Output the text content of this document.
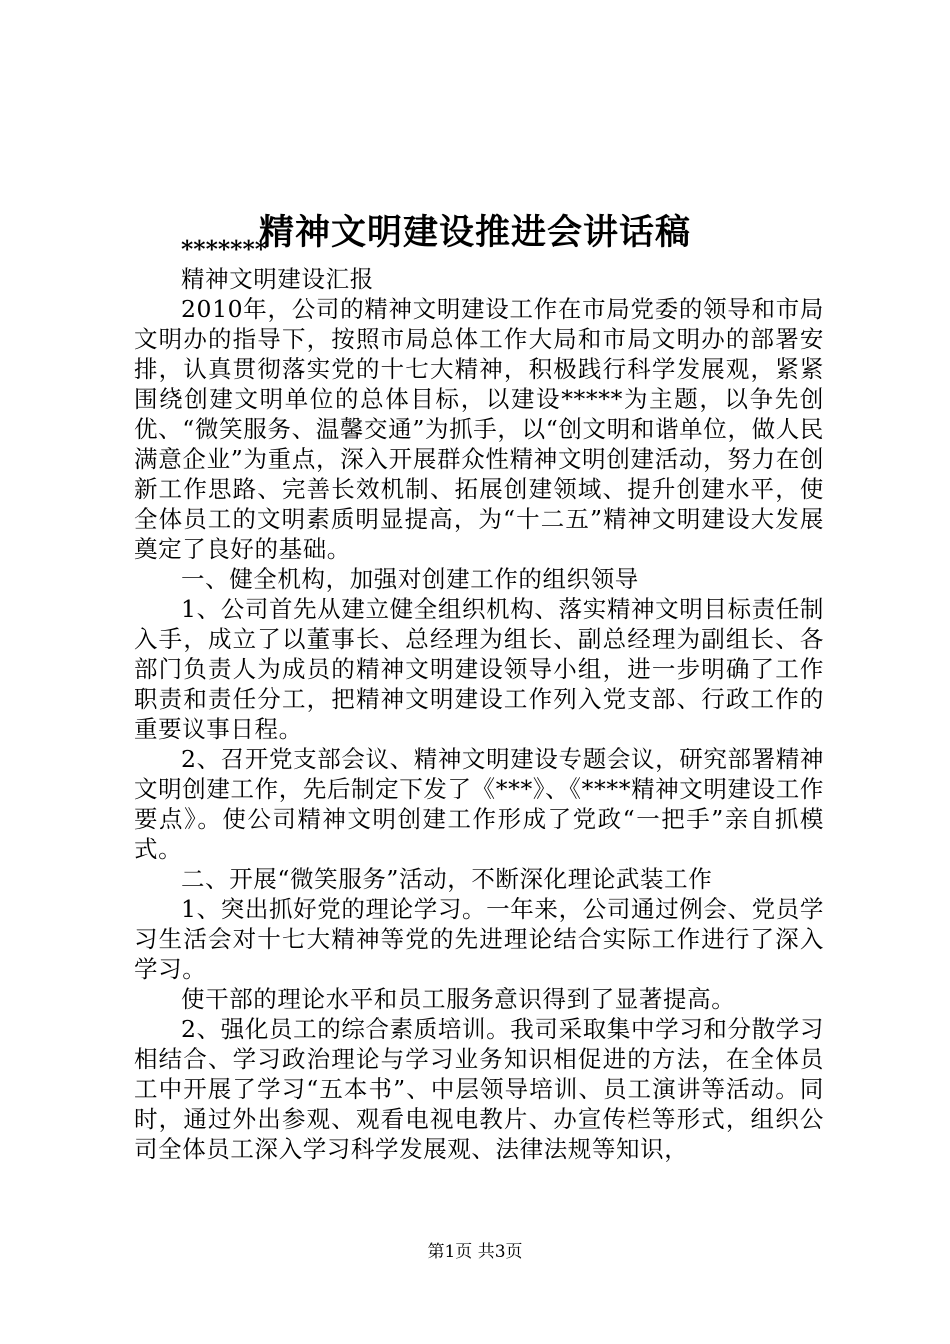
精神文明建设推进会讲话稿

*******

精神文明建设汇报

2010年，公司的精神文明建设工作在市局党委的领导和市局文明办的指导下，按照市局总体工作大局和市局文明办的部署安排，认真贯彻落实党的十七大精神，积极践行科学发展观，紧紧围绕创建文明单位的总体目标，以建设*****为主题，以争先创优、“微笑服务、温馨交通”为抓手，以“创文明和谐单位，做人民满意企业”为重点，深入开展群众性精神文明创建活动，努力在创新工作思路、完善长效机制、拓展创建领域、提升创建水平，使全体员工的文明素质明显提高，为“十二五”精神文明建设大发展奠定了良好的基础。

一、健全机构，加强对创建工作的组织领导

1、公司首先从建立健全组织机构、落实精神文明目标责任制入手，成立了以董事长、总经理为组长、副总经理为副组长、各部门负责人为成员的精神文明建设领导小组，进一步明确了工作职责和责任分工，把精神文明建设工作列入党支部、行政工作的重要议事日程。

2、召开党支部会议、精神文明建设专题会议，研究部署精神文明创建工作，先后制定下发了《***》、《****精神文明建设工作要点》。使公司精神文明创建工作形成了党政“一把手”亲自抓模式。

二、开展“微笑服务”活动，不断深化理论武装工作

1、突出抓好党的理论学习。一年来，公司通过例会、党员学习生活会对十七大精神等党的先进理论结合实际工作进行了深入学习。

使干部的理论水平和员工服务意识得到了显著提高。

2、强化员工的综合素质培训。我司采取集中学习和分散学习相结合、学习政治理论与学习业务知识相促进的方法，在全体员工中开展了学习“五本书”、中层领导培训、员工演讲等活动。同时，通过外出参观、观看电视电教片、办宣传栏等形式，组织公司全体员工深入学习科学发展观、法律法规等知识，

第1页 共3页
